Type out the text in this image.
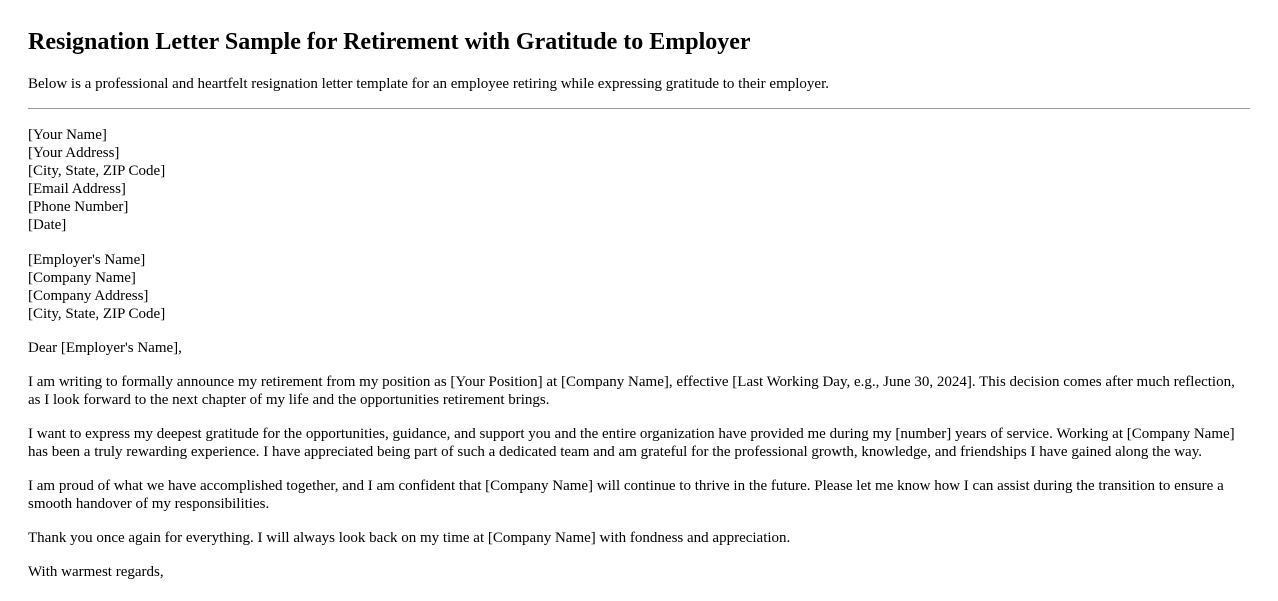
Resignation Letter Sample for Retirement with Gratitude to Employer

Below is a professional and heartfelt resignation letter template for an employee retiring while expressing gratitude to their employer.

[Your Name]
[Your Address]
[City, State, ZIP Code]
[Email Address]
[Phone Number]
[Date]
[Employer's Name]
[Company Name]
[Company Address]
[City, State, ZIP Code]

Dear [Employer's Name],

I am writing to formally announce my retirement from my position as [Your Position] at [Company Name], effective [Last Working Day, e.g., June 30, 2024]. This decision comes after much reflection, as I look forward to the next chapter of my life and the opportunities retirement brings.

I want to express my deepest gratitude for the opportunities, guidance, and support you and the entire organization have provided me during my [number] years of service. Working at [Company Name] has been a truly rewarding experience. I have appreciated being part of such a dedicated team and am grateful for the professional growth, knowledge, and friendships I have gained along the way.

I am proud of what we have accomplished together, and I am confident that [Company Name] will continue to thrive in the future. Please let me know how I can assist during the transition to ensure a smooth handover of my responsibilities.

Thank you once again for everything. I will always look back on my time at [Company Name] with fondness and appreciation.

With warmest regards,
